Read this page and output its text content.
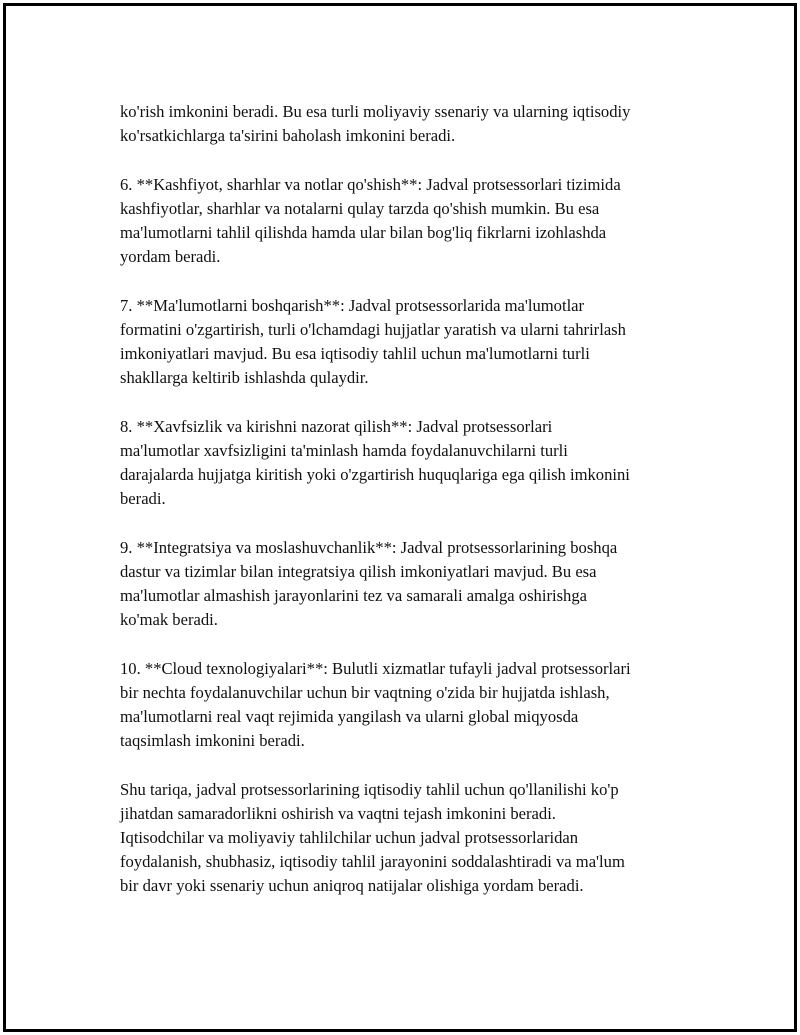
ko'rish imkonini beradi. Bu esa turli moliyaviy ssenariy va ularning iqtisodiy
ko'rsatkichlarga ta'sirini baholash imkonini beradi.

6. **Kashfiyot, sharhlar va notlar qo'shish**: Jadval protsessorlari tizimida
kashfiyotlar, sharhlar va notalarni qulay tarzda qo'shish mumkin. Bu esa
ma'lumotlarni tahlil qilishda hamda ular bilan bog'liq fikrlarni izohlashda
yordam beradi.

7. **Ma'lumotlarni boshqarish**: Jadval protsessorlarida ma'lumotlar
formatini o'zgartirish, turli o'lchamdagi hujjatlar yaratish va ularni tahrirlash
imkoniyatlari mavjud. Bu esa iqtisodiy tahlil uchun ma'lumotlarni turli
shakllarga keltirib ishlashda qulaydir.

8. **Xavfsizlik va kirishni nazorat qilish**: Jadval protsessorlari
ma'lumotlar xavfsizligini ta'minlash hamda foydalanuvchilarni turli
darajalarda hujjatga kiritish yoki o'zgartirish huquqlariga ega qilish imkonini
beradi.

9. **Integratsiya va moslashuvchanlik**: Jadval protsessorlarining boshqa
dastur va tizimlar bilan integratsiya qilish imkoniyatlari mavjud. Bu esa
ma'lumotlar almashish jarayonlarini tez va samarali amalga oshirishga
ko'mak beradi.

10. **Cloud texnologiyalari**: Bulutli xizmatlar tufayli jadval protsessorlari
bir nechta foydalanuvchilar uchun bir vaqtning o'zida bir hujjatda ishlash,
ma'lumotlarni real vaqt rejimida yangilash va ularni global miqyosda
taqsimlash imkonini beradi.

Shu tariqa, jadval protsessorlarining iqtisodiy tahlil uchun qo'llanilishi ko'p
jihatdan samaradorlikni oshirish va vaqtni tejash imkonini beradi.
Iqtisodchilar va moliyaviy tahlilchilar uchun jadval protsessorlaridan
foydalanish, shubhasiz, iqtisodiy tahlil jarayonini soddalashtiradi va ma'lum
bir davr yoki ssenariy uchun aniqroq natijalar olishiga yordam beradi.
